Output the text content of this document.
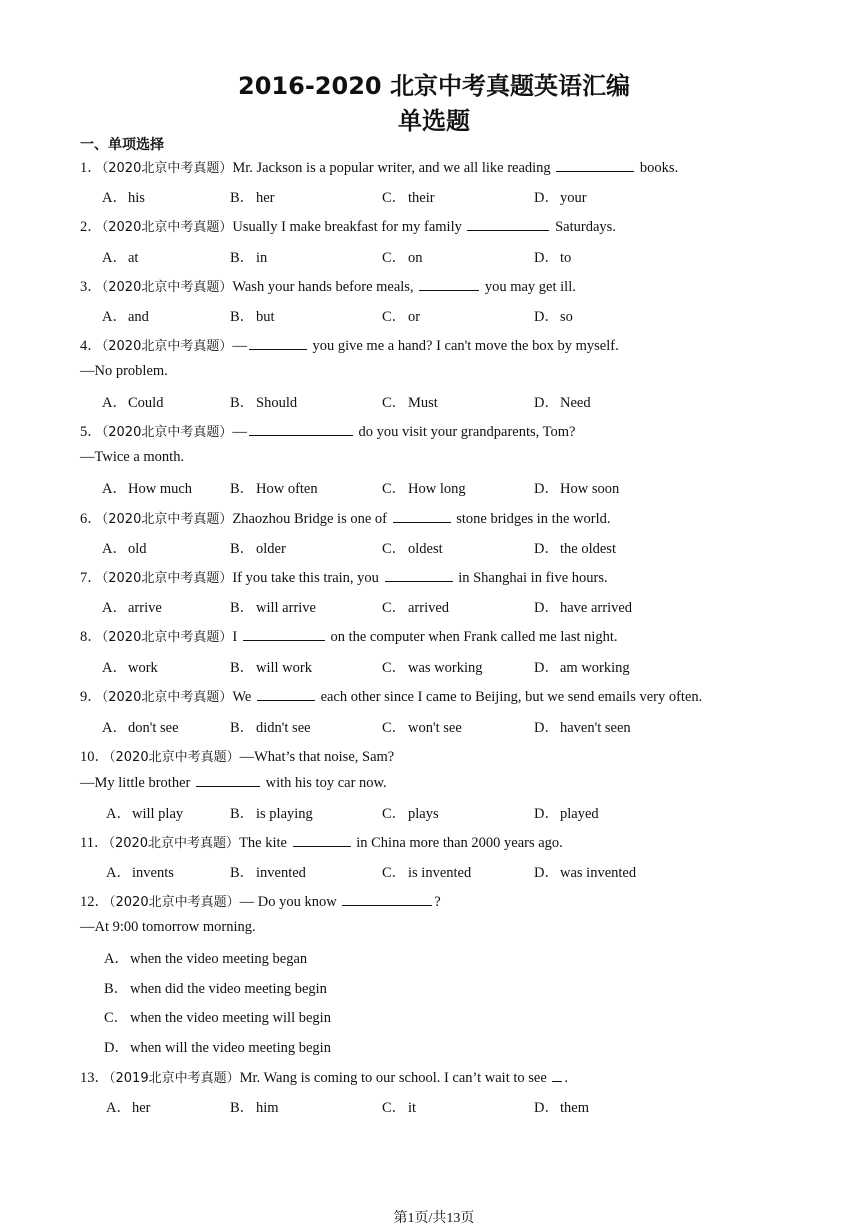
2016-2020 北京中考真题英语汇编
单选题
一、单项选择
1．（2020北京中考真题）Mr. Jackson is a popular writer, and we all like reading	books.
A．his	B． her	C． their	D．your
2．（2020北京中考真题）Usually I make breakfast for my family	Saturdays.
A．at	B． in	C． on	D．to
3．（2020北京中考真题）Wash your hands before meals,	you may get ill.
A．and	B． but	C． or	D．so
4．（2020北京中考真题）—	you give me a hand? I can't move the box by myself.
—No problem.
A．Could	B． Should	C． Must	D．Need
5．（2020北京中考真题）—	do you visit your grandparents, Tom?
—Twice a month.
A．How much	B． How often	C． How long	D．How soon
6．（2020北京中考真题）Zhaozhou Bridge is one of	stone bridges in the world.
A．old	B． older	C． oldest	D．the oldest
7．（2020北京中考真题）If you take this train, you	in Shanghai in five hours.
A．arrive	B． will arrive	C． arrived	D．have arrived
8．（2020北京中考真题）I	on the computer when Frank called me last night.
A．work	B． will work	C． was working	D．am working
9．（2020北京中考真题）We	each other since I came to Beijing, but we send emails very often.
A．don't see	B． didn't see	C． won't see	D．haven't seen
10．（2020北京中考真题）—What’s that noise, Sam?
—My little brother	with his toy car now.
A．will play	B． is playing	C． plays	D．played
11．（2020北京中考真题）The kite	in China more than 2000 years ago.
A．invents	B． invented	C． is invented	D．was invented
12．（2020北京中考真题）— Do you know	?
—At 9:00 tomorrow morning.
A．when the video meeting began
B． when did the video meeting begin
C． when the video meeting will begin
D．when will the video meeting begin
13．（2019北京中考真题）Mr. Wang is coming to our school. I can’t wait to see .
A．her	B． him	C． it	D．them
第1页/共13页
